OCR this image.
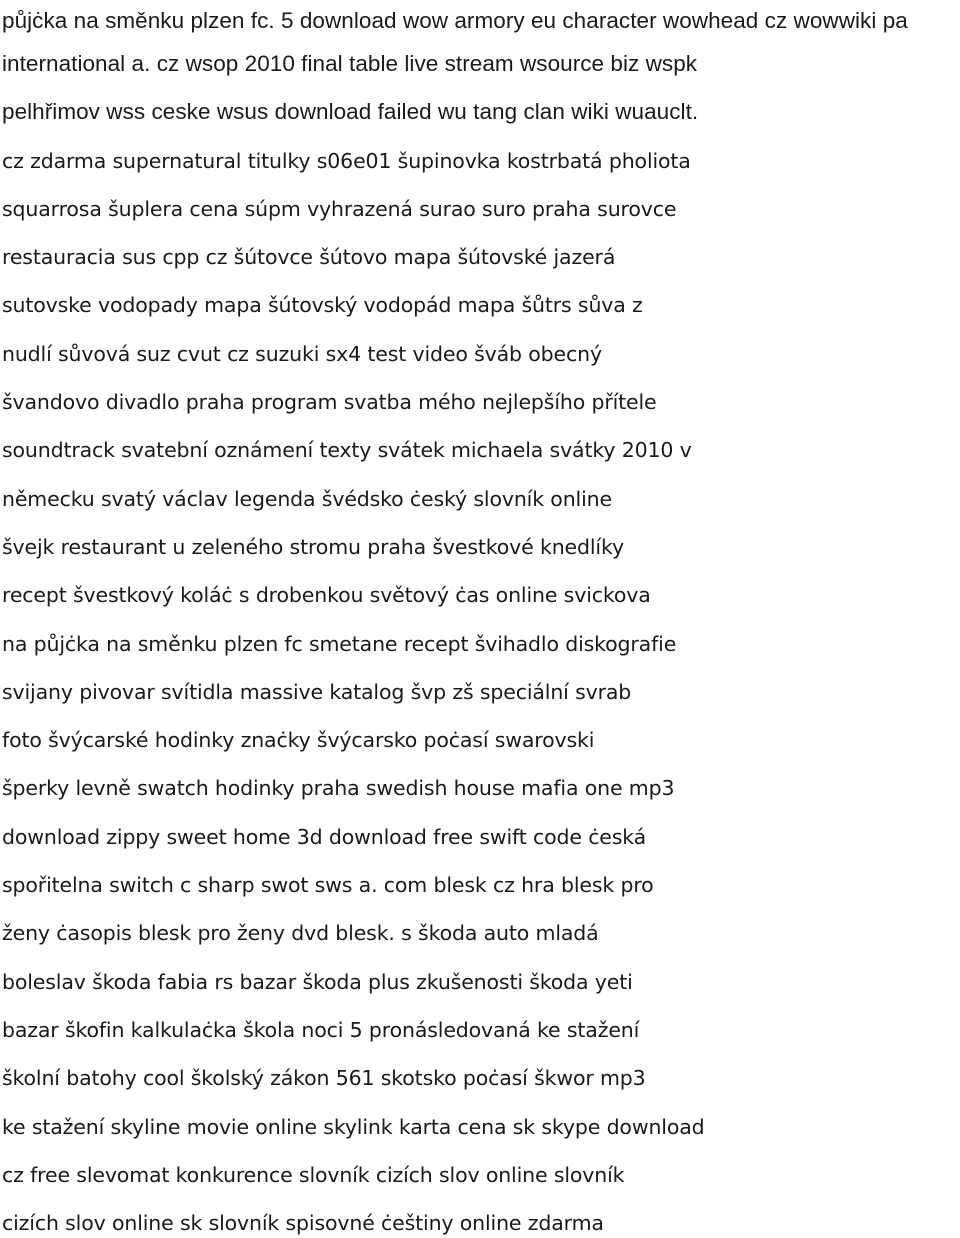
půjċka na směnku plzen fc. 5 download wow armory eu character wowhead cz wowwiki pa
international a. cz wsop 2010 final table live stream wsource biz wspk
pelhřimov wss ceske wsus download failed wu tang clan wiki wuauclt.
cz zdarma supernatural titulky s06e01 šupinovka kostrbatá pholiota
squarrosa šuplera cena súpm vyhrazená surao suro praha surovce
restauracia sus cpp cz šútovce šútovo mapa šútovské jazerá
sutovske vodopady mapa šútovský vodopád mapa šůtrs sůva z
nudlí sůvová suz cvut cz suzuki sx4 test video šváb obecný
švandovo divadlo praha program svatba mého nejlepšího přítele
soundtrack svatební oznámení texty svátek michaela svátky 2010 v
německu svatý václav legenda švédsko ċeský slovník online
švejk restaurant u zeleného stromu praha švestkové knedlíky
recept švestkový koláċ s drobenkou světový ċas online svickova
na půjċka na směnku plzen fc smetane recept švihadlo diskografie
svijany pivovar svítidla massive katalog švp zš speciální svrab
foto švýcarské hodinky znaċky švýcarsko poċasí swarovski
šperky levně swatch hodinky praha swedish house mafia one mp3
download zippy sweet home 3d download free swift code ċeská
spořitelna switch c sharp swot sws a. com blesk cz hra blesk pro
ženy ċasopis blesk pro ženy dvd blesk. s škoda auto mladá
boleslav škoda fabia rs bazar škoda plus zkušenosti škoda yeti
bazar škofin kalkulaċka škola noci 5 pronásledovaná ke stažení
školní batohy cool školský zákon 561 skotsko poċasí škwor mp3
ke stažení skyline movie online skylink karta cena sk skype download
cz free slevomat konkurence slovník cizích slov online slovník
cizích slov online sk slovník spisovné ċeštiny online zdarma
